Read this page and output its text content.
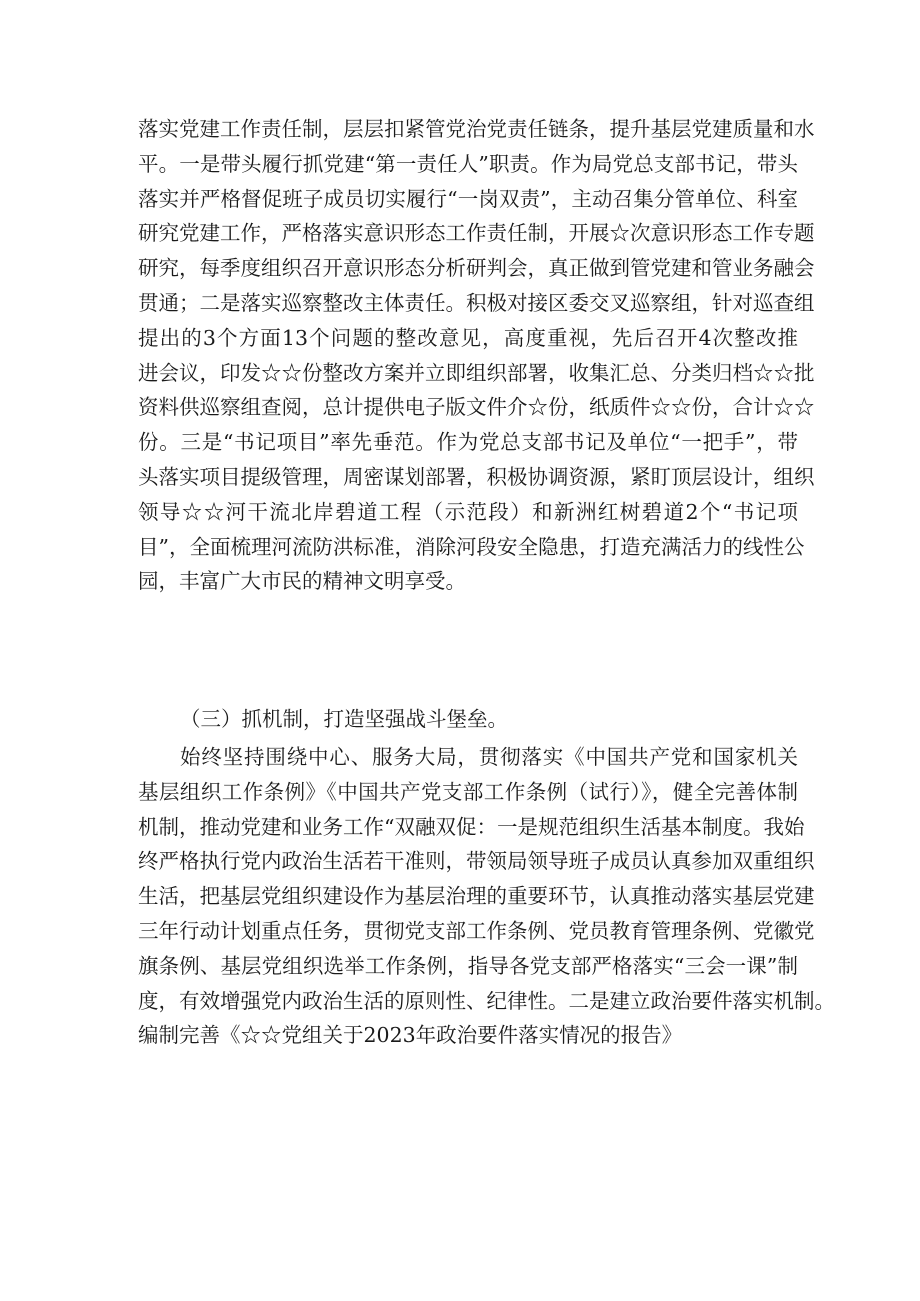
落实党建工作责任制，层层扣紧管党治党责任链条，提升基层党建质量和水
平。一是带头履行抓党建“第一责任人”职责。作为局党总支部书记，带头
落实并严格督促班子成员切实履行“一岗双责”，主动召集分管单位、科室
研究党建工作，严格落实意识形态工作责任制，开展☆次意识形态工作专题
研究，每季度组织召开意识形态分析研判会，真正做到管党建和管业务融会
贯通；二是落实巡察整改主体责任。积极对接区委交叉巡察组，针对巡查组
提出的3个方面13个问题的整改意见，高度重视，先后召开4次整改推
进会议，印发☆☆份整改方案并立即组织部署，收集汇总、分类归档☆☆批
资料供巡察组查阅，总计提供电子版文件介☆份，纸质件☆☆份，合计☆☆
份。三是“书记项目”率先垂范。作为党总支部书记及单位“一把手”，带
头落实项目提级管理，周密谋划部署，积极协调资源，紧盯顶层设计，组织
领导☆☆河干流北岸碧道工程（示范段）和新洲红树碧道2个“书记项
目”，全面梳理河流防洪标准，消除河段安全隐患，打造充满活力的线性公
园，丰富广大市民的精神文明享受。
（三）抓机制，打造坚强战斗堡垒。
始终坚持围绕中心、服务大局，贯彻落实《中国共产党和国家机关
基层组织工作条例》《中国共产党支部工作条例（试行）》，健全完善体制
机制，推动党建和业务工作“双融双促：一是规范组织生活基本制度。我始
终严格执行党内政治生活若干准则，带领局领导班子成员认真参加双重组织
生活，把基层党组织建设作为基层治理的重要环节，认真推动落实基层党建
三年行动计划重点任务，贯彻党支部工作条例、党员教育管理条例、党徽党
旗条例、基层党组织选举工作条例，指导各党支部严格落实“三会一课”制
度，有效增强党内政治生活的原则性、纪律性。二是建立政治要件落实机制。
编制完善《☆☆党组关于2023年政治要件落实情况的报告》
